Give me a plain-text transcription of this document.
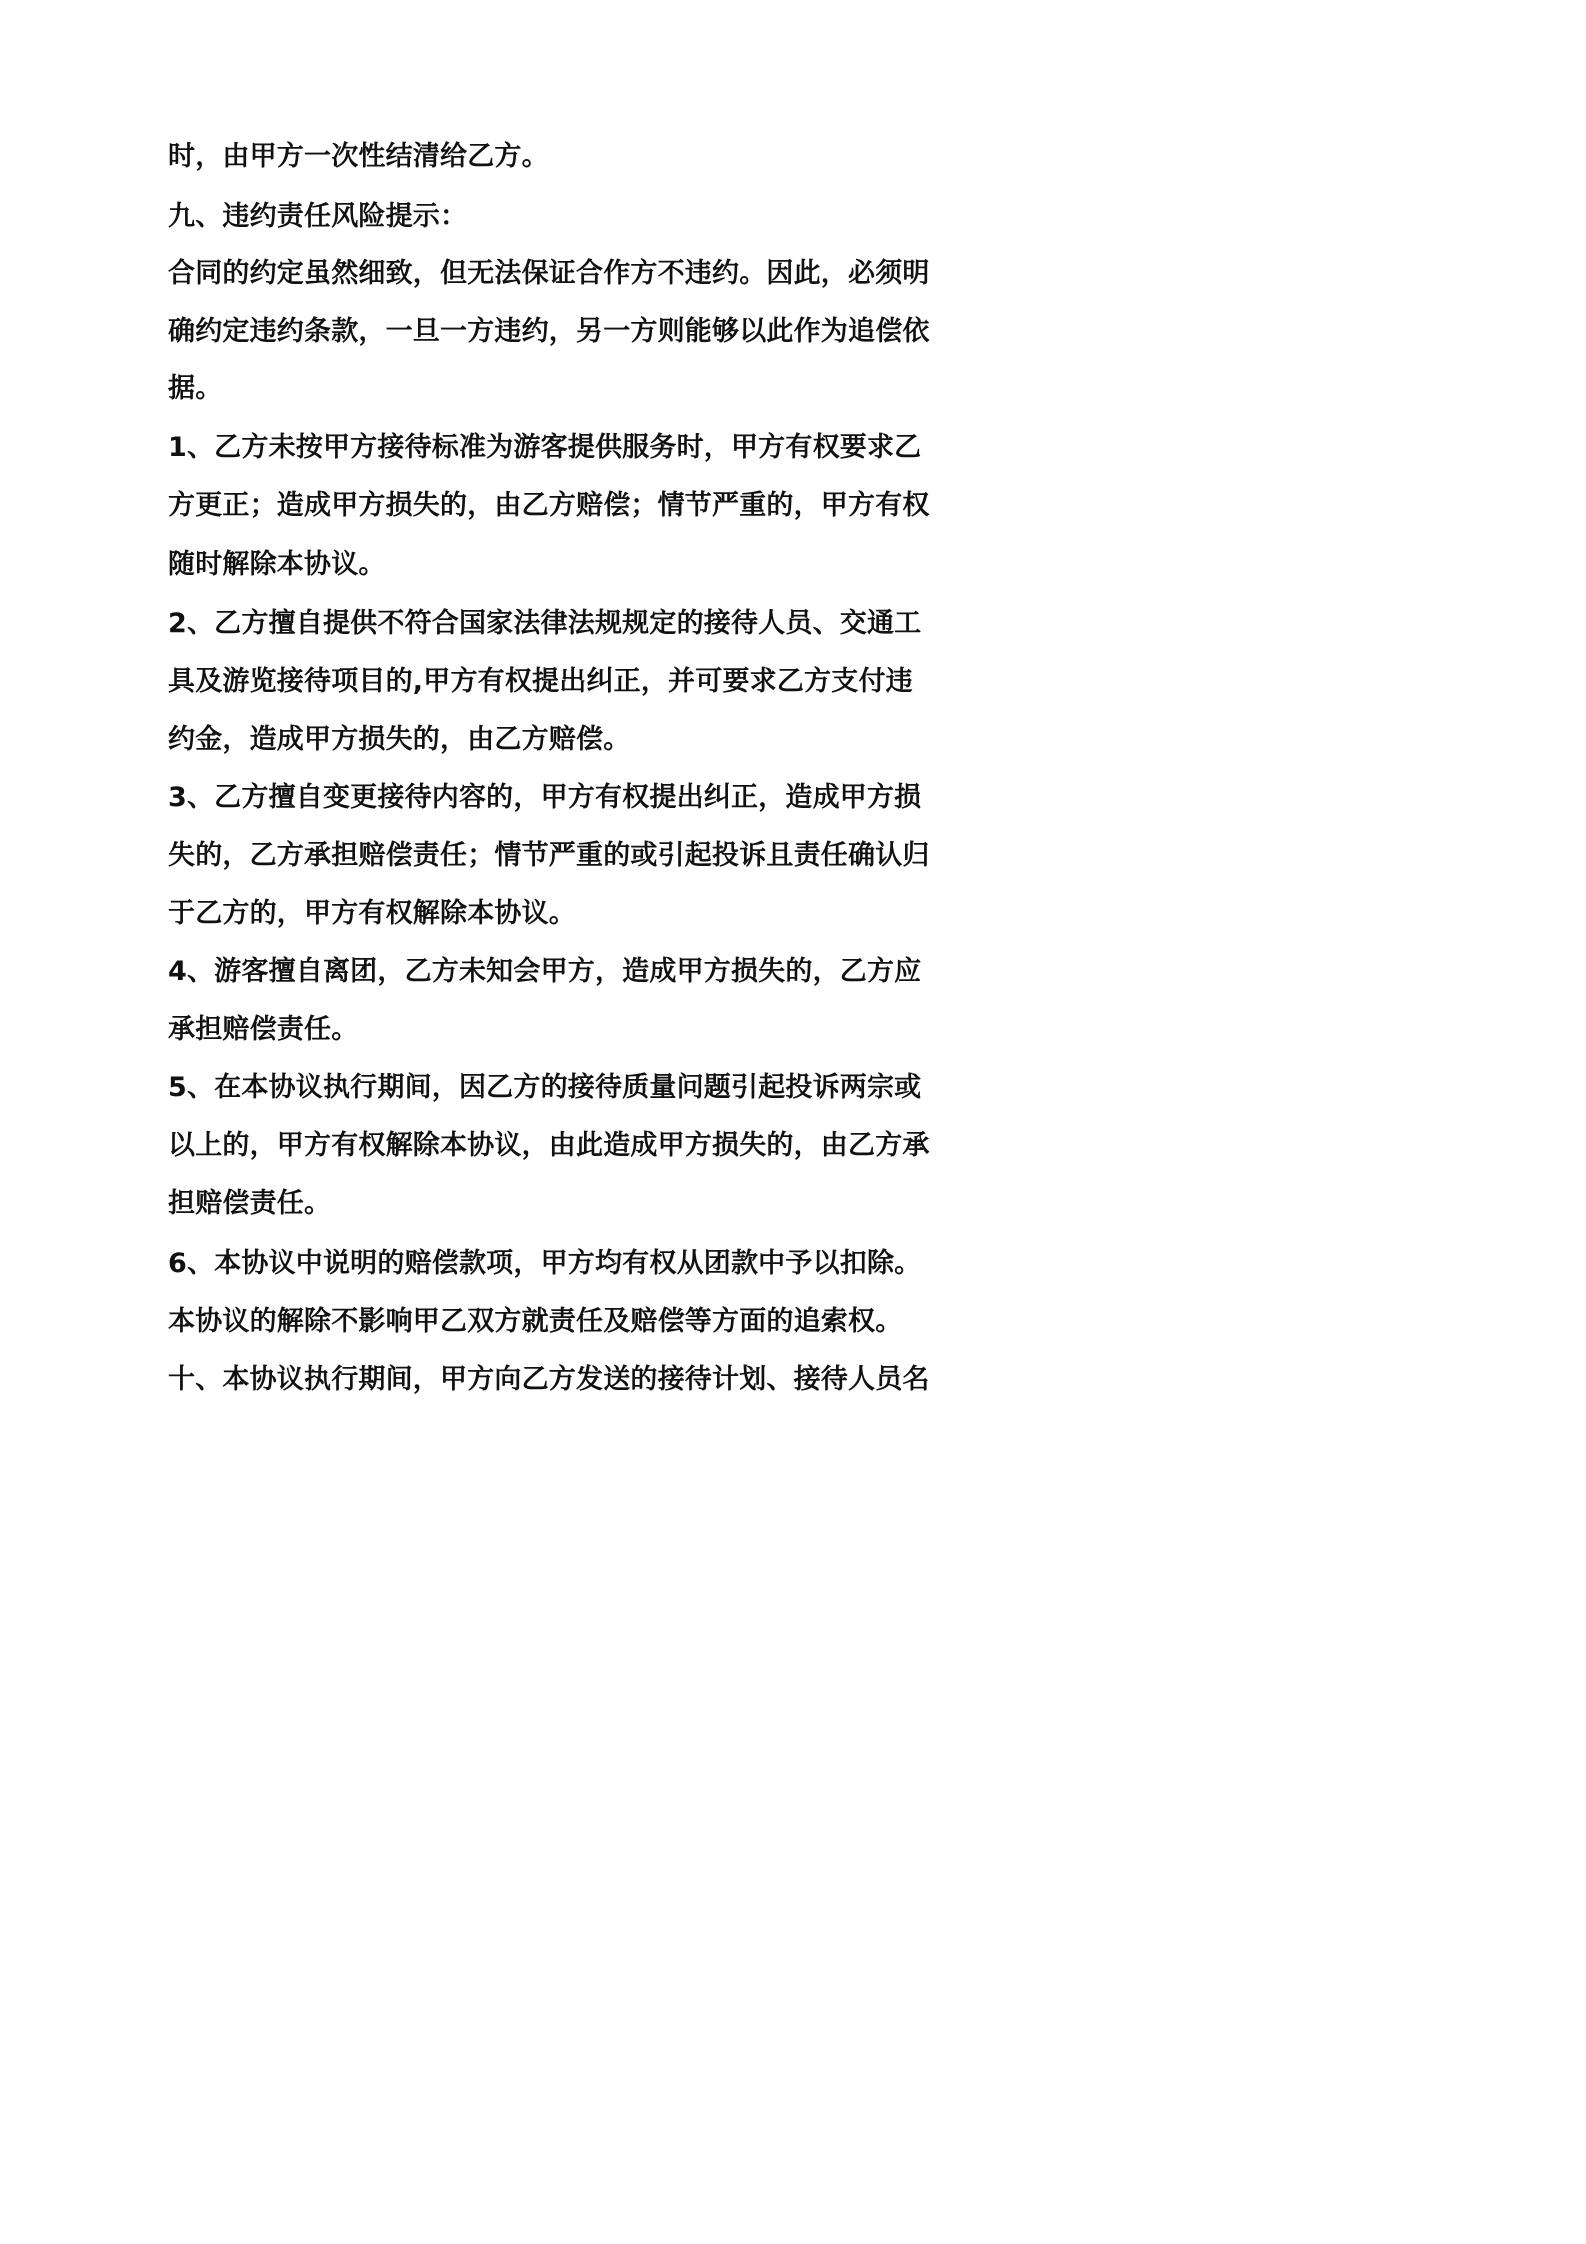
时，由甲方一次性结清给乙方。
九、违约责任风险提示：
合同的约定虽然细致，但无法保证合作方不违约。因此，必须明
确约定违约条款，一旦一方违约，另一方则能够以此作为追偿依
据。
1、乙方未按甲方接待标准为游客提供服务时，甲方有权要求乙
方更正；造成甲方损失的，由乙方赔偿；情节严重的，甲方有权
随时解除本协议。
2、乙方擅自提供不符合国家法律法规规定的接待人员、交通工
具及游览接待项目的,甲方有权提出纠正，并可要求乙方支付违
约金，造成甲方损失的，由乙方赔偿。
3、乙方擅自变更接待内容的，甲方有权提出纠正，造成甲方损
失的，乙方承担赔偿责任；情节严重的或引起投诉且责任确认归
于乙方的，甲方有权解除本协议。
4、游客擅自离团，乙方未知会甲方，造成甲方损失的，乙方应
承担赔偿责任。
5、在本协议执行期间，因乙方的接待质量问题引起投诉两宗或
以上的，甲方有权解除本协议，由此造成甲方损失的，由乙方承
担赔偿责任。
6、本协议中说明的赔偿款项，甲方均有权从团款中予以扣除。
本协议的解除不影响甲乙双方就责任及赔偿等方面的追索权。
十、本协议执行期间，甲方向乙方发送的接待计划、接待人员名
